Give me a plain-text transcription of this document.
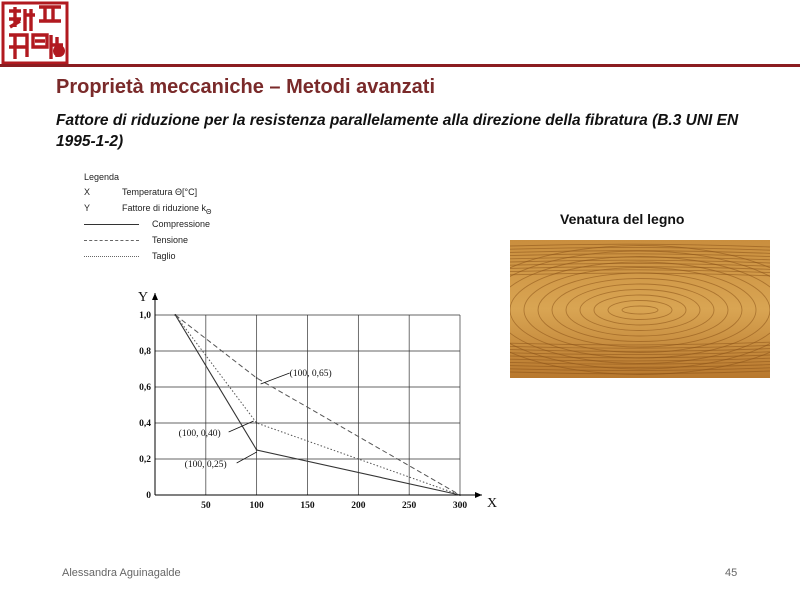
Proprietà meccaniche – Metodi avanzati
Fattore di riduzione per la resistenza parallelamente alla direzione della fibratura (B.3 UNI EN 1995-1-2)
Legenda
X	Temperatura Θ[°C]
Y	Fattore di riduzione $k_\Theta$
Compressione
Tensione
Taglio
50	100	150	200	250	300
0,2
0,4
0,6
0,8
1,0
0	X
Y
(100, 0,65)
(100, 0,40)
(100, 0,25)
Venatura del legno
Alessandra Aguinagalde	45
